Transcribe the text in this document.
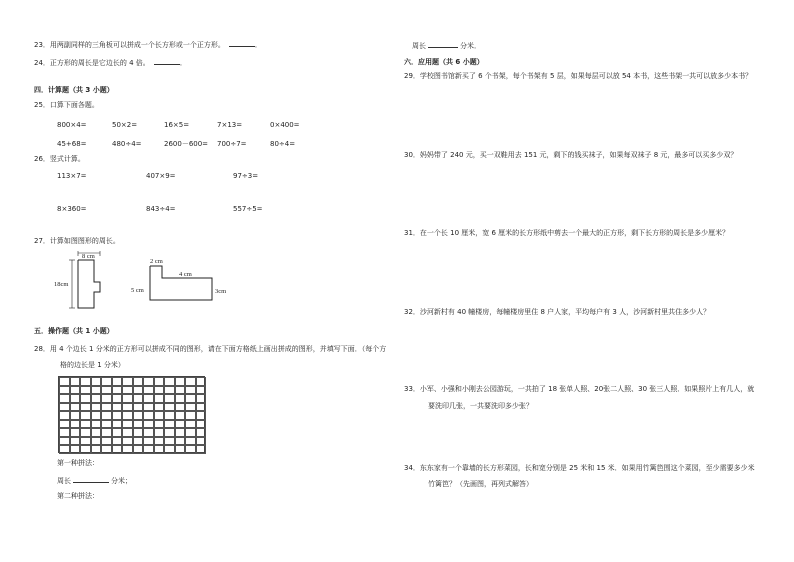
23．用两副同样的三角板可以拼成一个长方形或一个正方形。	．
24．正方形的周长是它边长的 4 倍。	．
四．计算题（共 3 小题）
25．口算下面各题。
800×4=	50×2=	16×5=	7×13=	0×400=
45+68=	480÷4=	2600－600= 700÷7=	80÷4=
26．竖式计算。
113×7=	407×9=	97÷3=
8×360=	843÷4=	557÷5=
27．计算如图图形的周长。
8 cm
18cm
2 cm
4 cm
5 cm	3cm
五．操作题（共 1 小题）
28．用 4 个边长 1 分米的正方形可以拼成不同的图形，请在下面方格纸上画出拼成的图形，并填写下面．（每个方
格的边长是 1 分米）
第一种拼法：
周长	分米；
第二种拼法：
周长	分米．
六．应用题（共 6 小题）
29．学校图书馆新买了 6 个书架，每个书架有 5 层，如果每层可以放 54 本书，这些书架一共可以放多少本书？
30．妈妈带了 240 元，买一双鞋用去 151 元，剩下的钱买袜子，如果每双袜子 8 元，最多可以买多少双？
31．在一个长 10 厘米，宽 6 厘米的长方形纸中剪去一个最大的正方形，剩下长方形的周长是多少厘米？
32．沙河新村有 40 幢楼房，每幢楼房里住 8 户人家，平均每户有 3 人，沙河新村里共住多少人？
33．小军、小强和小刚去公园游玩，一共拍了 18 张单人照、20张二人照、30 张三人照．如果照片上有几人，就
要洗印几张，一共要洗印多少张？
34．东东家有一个靠墙的长方形菜园，长和宽分别是 25 米和 15 米．如果用竹篱笆围这个菜园，至少需要多少米
竹篱笆？（先画图，再列式解答）
